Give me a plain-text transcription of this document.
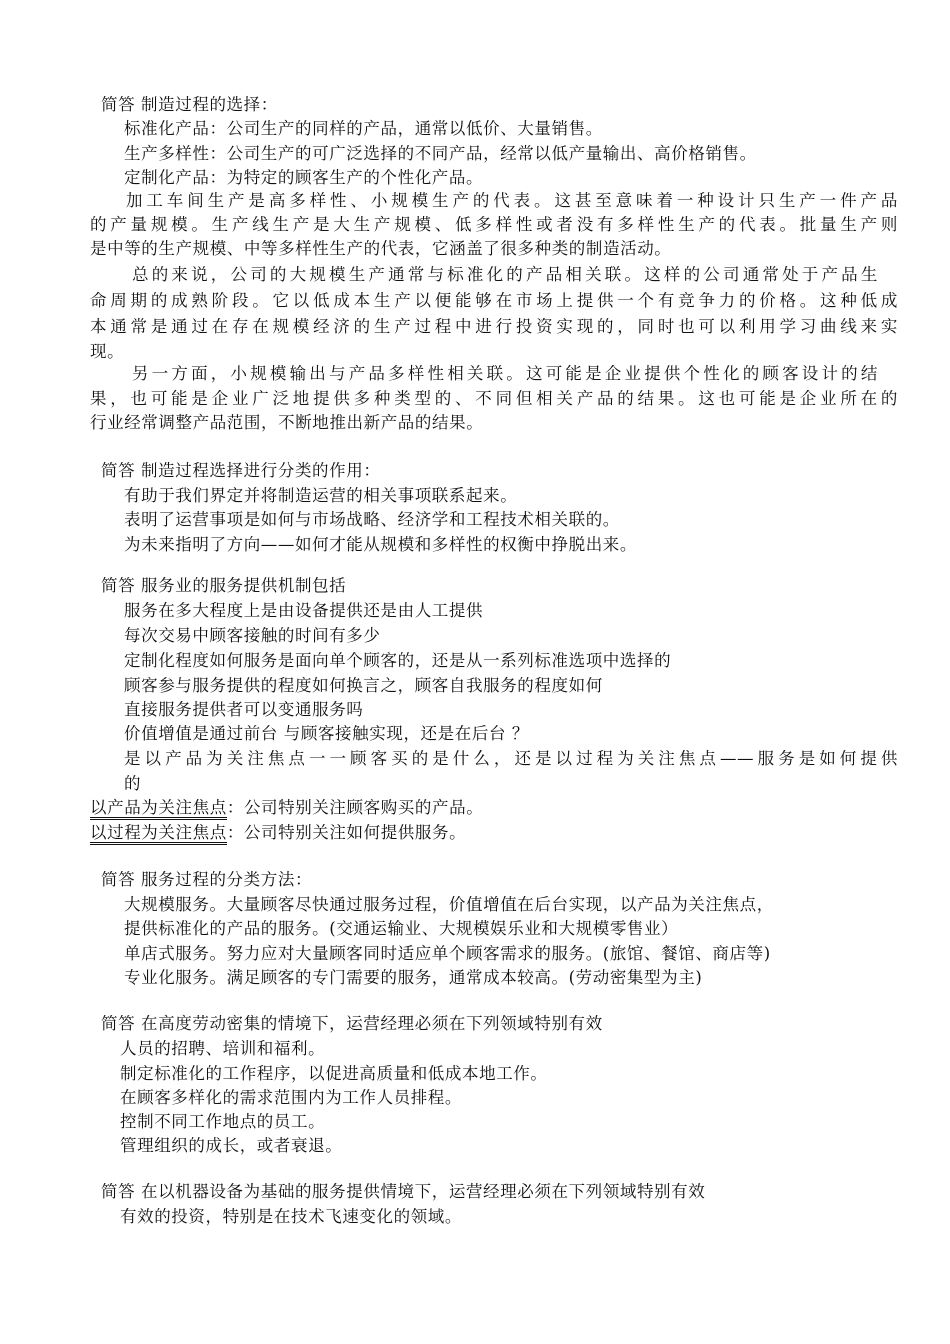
简答 制造过程的选择：
标准化产品：公司生产的同样的产品，通常以低价、大量销售。
生产多样性：公司生产的可广泛选择的不同产品，经常以低产量输出、高价格销售。
定制化产品：为特定的顾客生产的个性化产品。
加工车间生产是高多样性、小规模生产的代表。这甚至意味着一种设计只生产一件产品
的产量规模。生产线生产是大生产规模、低多样性或者没有多样性生产的代表。批量生产则
是中等的生产规模、中等多样性生产的代表，它涵盖了很多种类的制造活动。
总的来说，公司的大规模生产通常与标准化的产品相关联。这样的公司通常处于产品生
命周期的成熟阶段。它以低成本生产以便能够在市场上提供一个有竞争力的价格。这种低成
本通常是通过在存在规模经济的生产过程中进行投资实现的，同时也可以利用学习曲线来实
现。
另一方面，小规模输出与产品多样性相关联。这可能是企业提供个性化的顾客设计的结
果，也可能是企业广泛地提供多种类型的、不同但相关产品的结果。这也可能是企业所在的
行业经常调整产品范围，不断地推出新产品的结果。
简答 制造过程选择进行分类的作用：
有助于我们界定并将制造运营的相关事项联系起来。
表明了运营事项是如何与市场战略、经济学和工程技术相关联的。
为未来指明了方向——如何才能从规模和多样性的权衡中挣脱出来。
简答 服务业的服务提供机制包括
服务在多大程度上是由设备提供还是由人工提供
每次交易中顾客接触的时间有多少
定制化程度如何服务是面向单个顾客的，还是从一系列标准选项中选择的
顾客参与服务提供的程度如何换言之，顾客自我服务的程度如何
直接服务提供者可以变通服务吗
价值增值是通过前台 与顾客接触实现，还是在后台 ？
是以产品为关注焦点一一顾客买的是什么，还是以过程为关注焦点——服务是如何提供
的
以产品为关注焦点：公司特别关注顾客购买的产品。
以过程为关注焦点：公司特别关注如何提供服务。
简答 服务过程的分类方法：
大规模服务。大量顾客尽快通过服务过程，价值增值在后台实现，以产品为关注焦点，
提供标准化的产品的服务。(交通运输业、大规模娱乐业和大规模零售业）
单店式服务。努力应对大量顾客同时适应单个顾客需求的服务。(旅馆、餐馆、商店等)
专业化服务。满足顾客的专门需要的服务，通常成本较高。(劳动密集型为主)
简答 在高度劳动密集的情境下，运营经理必须在下列领域特别有效
人员的招聘、培训和福利。
制定标准化的工作程序，以促进高质量和低成本地工作。
在顾客多样化的需求范围内为工作人员排程。
控制不同工作地点的员工。
管理组织的成长，或者衰退。
简答 在以机器设备为基础的服务提供情境下，运营经理必须在下列领域特别有效
有效的投资，特别是在技术飞速变化的领域。
